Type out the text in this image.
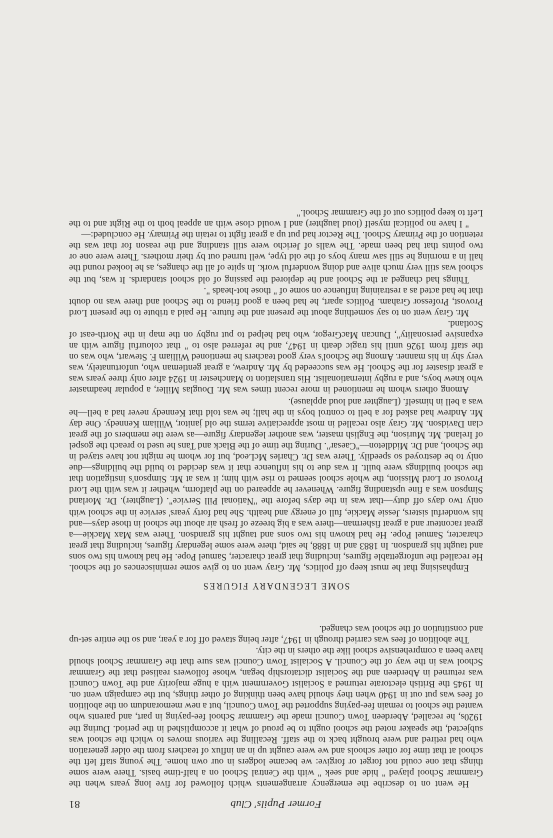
Former Pupils' Club
81

He went on to describe the emergency arrangements which followed for five long years when the Grammar School played " hide and seek " with the Central School on a half-time basis. There were some things that one could not forget or forgive: we became lodgers in our own home. The young staff left the school at that time for other schools and we were caught up in an influx of teachers from the older generation who had retired and were brought back to the staff. Recalling the various moves to which the school was subjected, the speaker noted the school ought to be proud of what it accomplished in the period. During the 1920s, he recalled, Aberdeen Town Council made the Grammar School fee-paying in part, and parents who wanted the school to remain fee-paying supported the Town Council, but a new memorandum on the abolition of fees was put out in 1940 when they should have been thinking of other things, but the campaign went on. In 1945 the British electorate returned a Socialist Government with a huge majority and the Town Council was returned in Aberdeen and the Socialist dictatorship began, whose followers realised that the Grammar School was in the way of the Council. A Socialist Town Council was sure that the Grammar School should have been a comprehensive school like the others in the city.

The abolition of fees was carried through in 1947, after being staved off for a year, and so the entire set-up and constitution of the school was changed.

SOME LEGENDARY FIGURES

Emphasising that he must keep off politics, Mr. Gray went on to give some reminiscences of the school. He recalled the unforgettable figures, including that great character, Samuel Pope. He had known his two sons and taught his grandson. In 1883 and in 1888, he said, there were some legendary figures, including that great character, Samuel Pope. He had known his two sons and taught his grandson. There was Max Mackie—a great raconteur and a great fisherman—there was a big breeze of fresh air about the school in those days—and his wonderful sisters, Jessie Mackie, full of energy and health. She had forty years' service in the school with only two days off duty—that was in the days before the "National Pill Service". (Laughter). Dr. Morland Simpson was a fine upstanding figure. Whenever he appeared on the platform, whether it was with the Lord Provost or Lord Mission, the whole school seemed to rise with him; it was at Mr. Simpson's instigation that the school buildings were built. It was due to his influence that it was decided to build the buildings—due only to be destroyed so speedily. There was Dr. Charles McLeod, but for whom he might not have stayed in the School, and Dr. Middleton—"Caesar". During the time of the Black and Tans he used to preach the gospel of Ireland. Mr. Murison, the English master, was another legendary figure—as were the members of the great clan Davidson. Mr. Gray also recalled in most appreciative terms the old janitor, William Kennedy. One day Mr. Andrew had asked for a bell to control boys in the hall; he was told that Kennedy never had a bell—he was a bell in himself. (Laughter and loud applause).

Among others whom he mentioned in more recent times was Mr. Douglas Miller, a popular headmaster who knew boys, and a rugby internationalist. His translation to Manchester in 1924 after only three years was a great disaster for the School. He was succeeded by Mr. Andrew, a great gentleman who, unfortunately, was very shy in his manner. Among the School's very good teachers he mentioned William F. Stewart, who was on the staff from 1926 until his tragic death in 1947, and he referred also to " that colourful figure with an expansive personality", Duncan MacGregor, who had helped to put rugby on the map in the North-east of Scotland.

Mr. Gray went on to say something about the present and the future. He paid a tribute to the present Lord Provost, Professor Graham. Politics apart, he had been a good friend to the School and there was no doubt that he had acted as a restraining influence on some of " those hot-heads ".

Things had changed at the School and he deplored the passing of old school standards. It was, but the school was still very much alive and doing wonderful work. In spite of all the changes, as he looked round the hall in a morning he still saw many boys of the old type, well turned out by their mothers. There were one or two points that had been made. The walls of Jericho were still standing and the reason for that was the retention of the Primary School. The Rector had put up a great fight to retain the Primary. He concluded:—

" I have no political myself (loud laughter) and I would close with an appeal both to the Right and to the Left to keep politics out of the Grammar School."
